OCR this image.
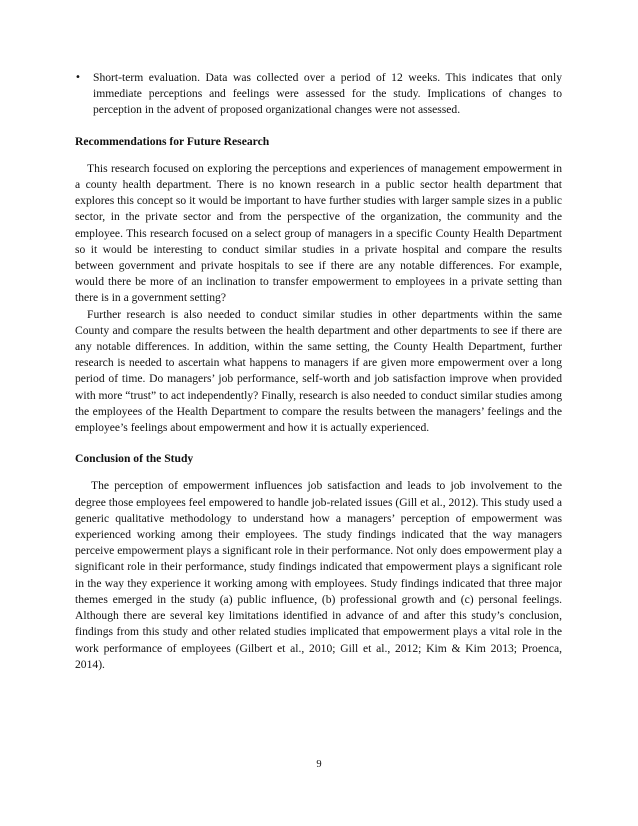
•	Short-term evaluation. Data was collected over a period of 12 weeks. This indicates that only immediate perceptions and feelings were assessed for the study. Implications of changes to perception in the advent of proposed organizational changes were not assessed.
Recommendations for Future Research

This research focused on exploring the perceptions and experiences of management empowerment in a county health department. There is no known research in a public sector health department that explores this concept so it would be important to have further studies with larger sample sizes in a public sector, in the private sector and from the perspective of the organization, the community and the employee. This research focused on a select group of managers in a specific County Health Department so it would be interesting to conduct similar studies in a private hospital and compare the results between government and private hospitals to see if there are any notable differences. For example, would there be more of an inclination to transfer empowerment to employees in a private setting than there is in a government setting?

Further research is also needed to conduct similar studies in other departments within the same County and compare the results between the health department and other departments to see if there are any notable differences. In addition, within the same setting, the County Health Department, further research is needed to ascertain what happens to managers if are given more empowerment over a long period of time. Do managers’ job performance, self-worth and job satisfaction improve when provided with more “trust” to act independently? Finally, research is also needed to conduct similar studies among the employees of the Health Department to compare the results between the managers’ feelings and the employee’s feelings about empowerment and how it is actually experienced.

Conclusion of the Study

The perception of empowerment influences job satisfaction and leads to job involvement to the degree those employees feel empowered to handle job-related issues (Gill et al., 2012). This study used a generic qualitative methodology to understand how a managers’ perception of empowerment was experienced working among their employees. The study findings indicated that the way managers perceive empowerment plays a significant role in their performance. Not only does empowerment play a significant role in their performance, study findings indicated that empowerment plays a significant role in the way they experience it working among with employees. Study findings indicated that three major themes emerged in the study (a) public influence, (b) professional growth and (c) personal feelings. Although there are several key limitations identified in advance of and after this study’s conclusion, findings from this study and other related studies implicated that empowerment plays a vital role in the work performance of employees (Gilbert et al., 2010; Gill et al., 2012; Kim & Kim 2013; Proenca, 2014).

9
